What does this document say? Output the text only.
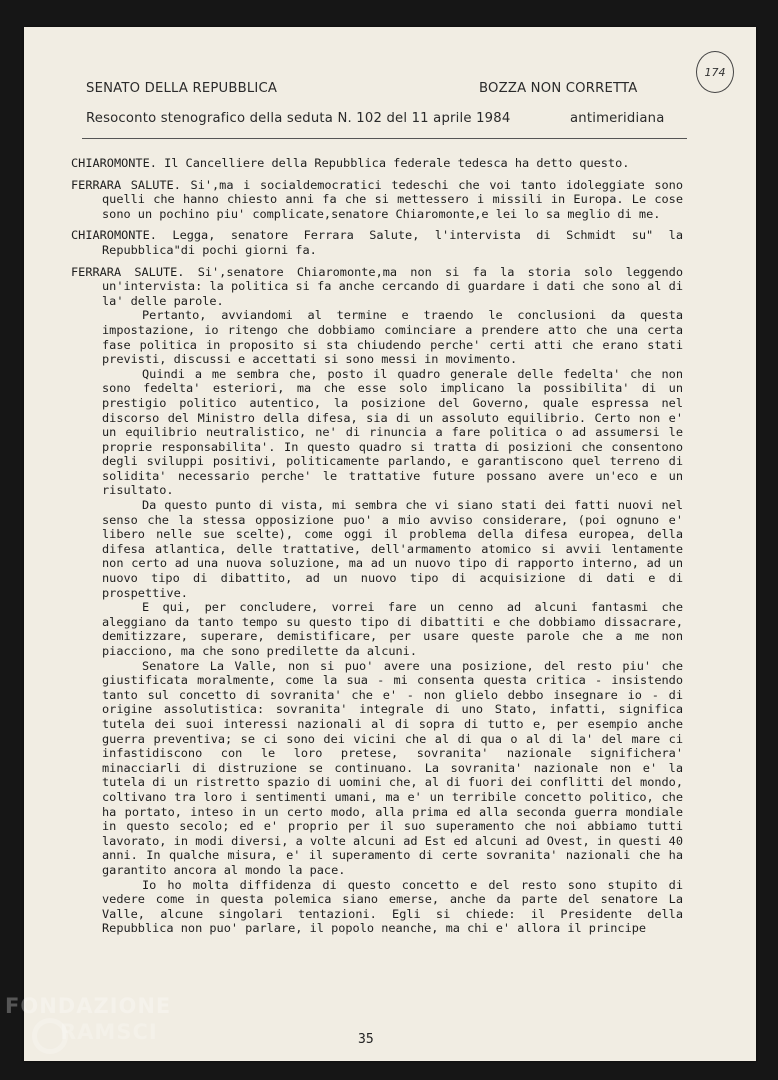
174
SENATO DELLA REPUBBLICA	BOZZA NON CORRETTA
Resoconto stenografico della seduta N. 102 del 11 aprile 1984	antimeridiana

CHIAROMONTE. Il Cancelliere della Repubblica federale tedesca ha detto questo.

FERRARA SALUTE. Si',ma i socialdemocratici tedeschi che voi tanto idoleggiate sono quelli che hanno chiesto anni fa che si mettessero i missili in Europa. Le cose sono un pochino piu' complicate,senatore Chiaromonte,e lei lo sa meglio di me.

CHIAROMONTE. Legga, senatore Ferrara Salute, l'intervista di Schmidt su" la Repubblica"di pochi giorni fa.

FERRARA SALUTE. Si',senatore Chiaromonte,ma non si fa la storia solo leggendo un'intervista: la politica si fa anche cercando di guardare i dati che sono al di la' delle parole.

Pertanto, avviandomi al termine e traendo le conclusioni da questa impostazione, io ritengo che dobbiamo cominciare a prendere atto che una certa fase politica in proposito si sta chiudendo perche' certi atti che erano stati previsti, discussi e accettati si sono messi in movimento.

Quindi a me sembra che, posto il quadro generale delle fedelta' che non sono fedelta' esteriori, ma che esse solo implicano la possibilita' di un prestigio politico autentico, la posizione del Governo, quale espressa nel discorso del Ministro della difesa, sia di un assoluto equilibrio. Certo non e' un equilibrio neutralistico, ne' di rinuncia a fare politica o ad assumersi le proprie responsabilita'. In questo quadro si tratta di posizioni che consentono degli sviluppi positivi, politicamente parlando, e garantiscono quel terreno di solidita' necessario perche' le trattative future possano avere un'eco e un risultato.

Da questo punto di vista, mi sembra che vi siano stati dei fatti nuovi nel senso che la stessa opposizione puo' a mio avviso considerare, (poi ognuno e' libero nelle sue scelte), come oggi il problema della difesa europea, della difesa atlantica, delle trattative, dell'armamento atomico si avvii lentamente non certo ad una nuova soluzione, ma ad un nuovo tipo di rapporto interno, ad un nuovo tipo di dibattito, ad un nuovo tipo di acquisizione di dati e di prospettive.

E qui, per concludere, vorrei fare un cenno ad alcuni fantasmi che aleggiano da tanto tempo su questo tipo di dibattiti e che dobbiamo dissacrare, demitizzare, superare, demistificare, per usare queste parole che a me non piacciono, ma che sono predilette da alcuni.

Senatore La Valle, non si puo' avere una posizione, del resto piu' che giustificata moralmente, come la sua - mi consenta questa critica - insistendo tanto sul concetto di sovranita' che e' - non glielo debbo insegnare io - di origine assolutistica: sovranita' integrale di uno Stato, infatti, significa tutela dei suoi interessi nazionali al di sopra di tutto e, per esempio anche guerra preventiva; se ci sono dei vicini che al di qua o al di la' del mare ci infastidiscono con le loro pretese, sovranita' nazionale significhera' minacciarli di distruzione se continuano. La sovranita' nazionale non e' la tutela di un ristretto spazio di uomini che, al di fuori dei conflitti del mondo, coltivano tra loro i sentimenti umani, ma e' un terribile concetto politico, che ha portato, inteso in un certo modo, alla prima ed alla seconda guerra mondiale in questo secolo; ed e' proprio per il suo superamento che noi abbiamo tutti lavorato, in modi diversi, a volte alcuni ad Est ed alcuni ad Ovest, in questi 40 anni. In qualche misura, e' il superamento di certe sovranita' nazionali che ha garantito ancora al mondo la pace.

Io ho molta diffidenza di questo concetto e del resto sono stupito di vedere come in questa polemica siano emerse, anche da parte del senatore La Valle, alcune singolari tentazioni. Egli si chiede: il Presidente della Repubblica non puo' parlare, il popolo neanche, ma chi e' allora il principe

35
FONDAZIONE
RAMSCI
